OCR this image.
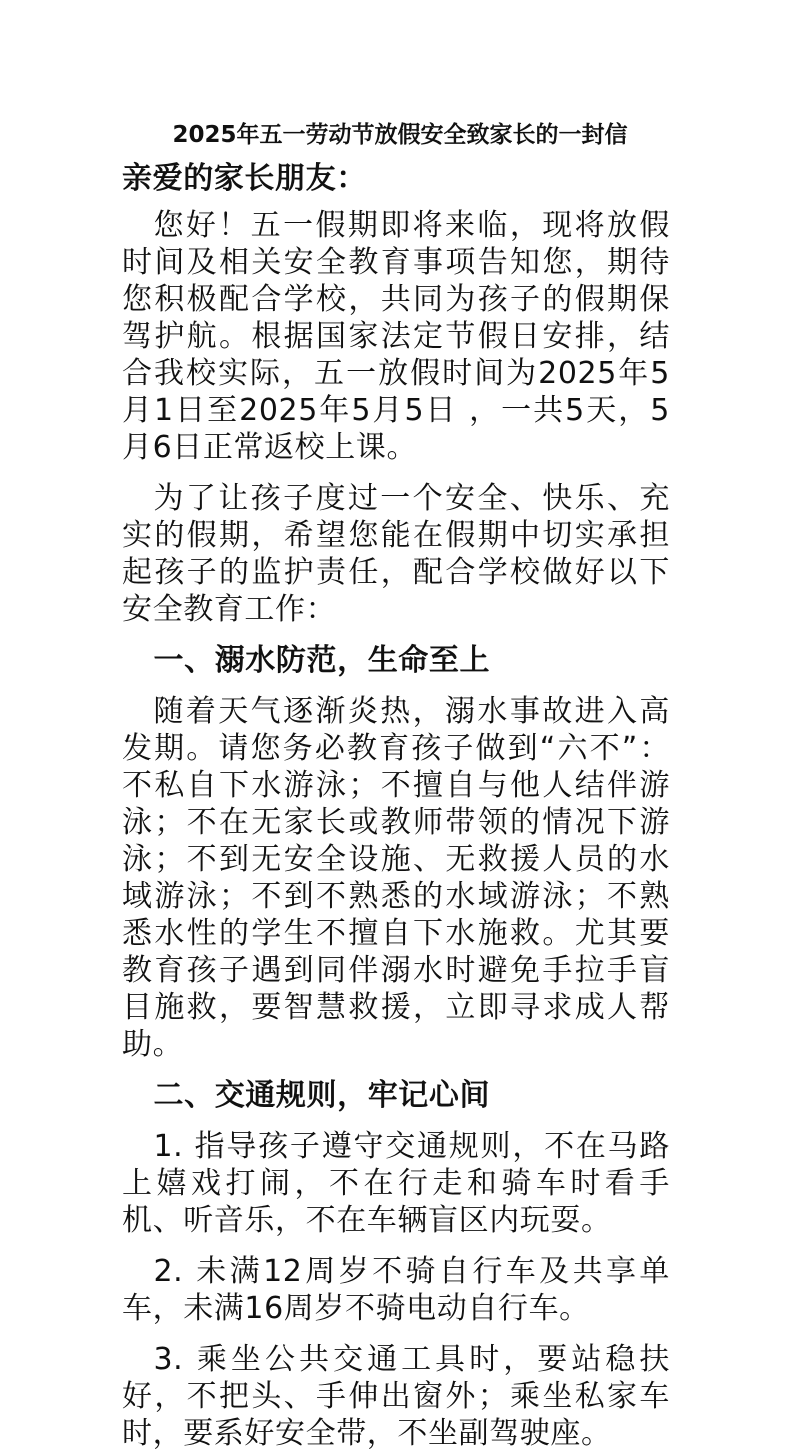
2025年五一劳动节放假安全致家长的一封信
亲爱的家长朋友：

您好！五一假期即将来临，现将放假时间及相关安全教育事项告知您，期待您积极配合学校，共同为孩子的假期保驾护航。根据国家法定节假日安排，结合我校实际，五一放假时间为2025年5月1日至2025年5月5日 ，一共5天，5月6日正常返校上课。

为了让孩子度过一个安全、快乐、充实的假期，希望您能在假期中切实承担起孩子的监护责任，配合学校做好以下安全教育工作：

一、溺水防范，生命至上

随着天气逐渐炎热，溺水事故进入高发期。请您务必教育孩子做到“六不”：不私自下水游泳；不擅自与他人结伴游泳；不在无家长或教师带领的情况下游泳；不到无安全设施、无救援人员的水域游泳；不到不熟悉的水域游泳；不熟悉水性的学生不擅自下水施救。尤其要教育孩子遇到同伴溺水时避免手拉手盲目施救，要智慧救援，立即寻求成人帮助。

二、交通规则，牢记心间

1. 指导孩子遵守交通规则，不在马路上嬉戏打闹，不在行走和骑车时看手机、听音乐，不在车辆盲区内玩耍。

2. 未满12周岁不骑自行车及共享单车，未满16周岁不骑电动自行车。

3. 乘坐公共交通工具时，要站稳扶好，不把头、手伸出窗外；乘坐私家车时，要系好安全带，不坐副驾驶座。
